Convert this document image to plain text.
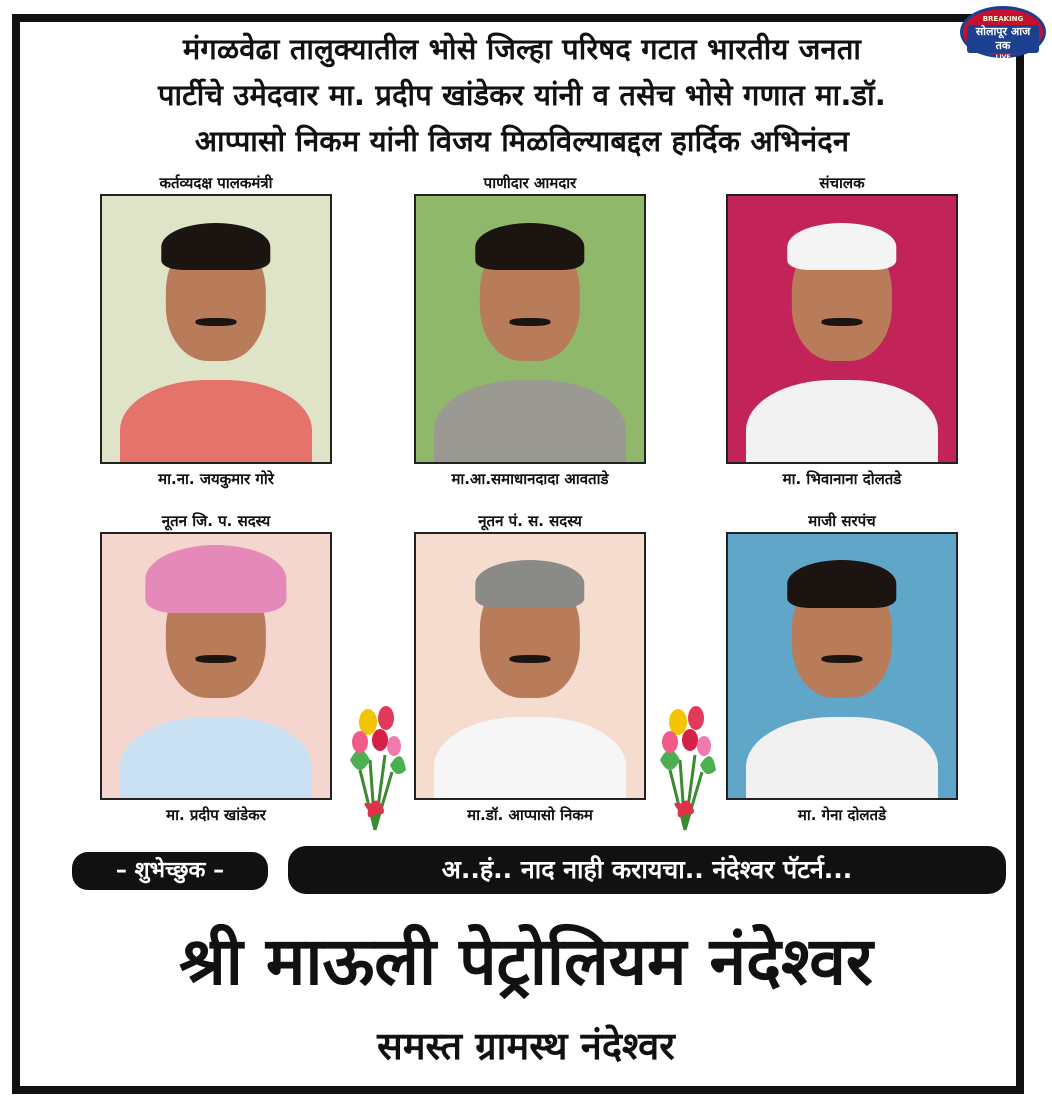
BREAKING
सोलापूर आज तक
LIVE
मंगळवेढा तालुक्यातील भोसे जिल्हा परिषद गटात भारतीय जनता
पार्टीचे उमेदवार मा. प्रदीप खांडेकर यांनी व तसेच भोसे गणात मा.डॉ.
आप्पासो निकम यांनी विजय मिळविल्याबद्दल हार्दिक अभिनंदन
कर्तव्यदक्ष पालकमंत्री
मा.ना. जयकुमार गोरे
पाणीदार आमदार
मा.आ.समाधानदादा आवताडे
संचालक
मा. भिवानाना दोलतडे
नूतन जि. प. सदस्य
मा. प्रदीप खांडेकर
नूतन पं. स. सदस्य
मा.डॉ. आप्पासो निकम
माजी सरपंच
मा. गेना दोलतडे
– शुभेच्छुक –	अ..हं.. नाद नाही करायचा.. नंदेश्वर पॅटर्न...
श्री माऊली पेट्रोलियम नंदेश्वर
समस्त ग्रामस्थ नंदेश्वर
